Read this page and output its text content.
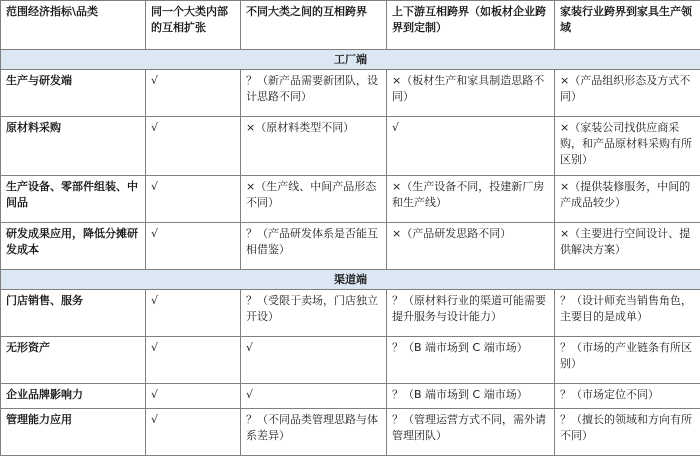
范围经济指标\品类	同一个大类内部的互相扩张	不同大类之间的互相跨界	上下游互相跨界（如板材企业跨界到定制）	家装行业跨界到家具生产领域
工厂端				
生产与研发端	√	？（新产品需要新团队，设计思路不同）	×（板材生产和家具制造思路不同）	×（产品组织形态及方式不同）
原材料采购	√	×（原材料类型不同）	√	×（家装公司找供应商采购，和产品原材料采购有所区别）
生产设备、零部件组装、中间品	√	×（生产线、中间产品形态不同）	×（生产设备不同，投建新厂房和生产线）	×（提供装修服务，中间的产成品较少）
研发成果应用，降低分摊研发成本	√	？（产品研发体系是否能互相借鉴）	×（产品研发思路不同）	×（主要进行空间设计、提供解决方案）
渠道端				
门店销售、服务	√	？（受限于卖场，门店独立开设）	？（原材料行业的渠道可能需要提升服务与设计能力）	？（设计师充当销售角色，主要目的是成单）
无形资产	√	√	？（B 端市场到 C 端市场）	？（市场的产业链条有所区别）
企业品牌影响力	√	√	？（B 端市场到 C 端市场）	？（市场定位不同）
管理能力应用	√	？（不同品类管理思路与体系差异）	？（管理运营方式不同，需外请管理团队）	？（擅长的领域和方向有所不同）
